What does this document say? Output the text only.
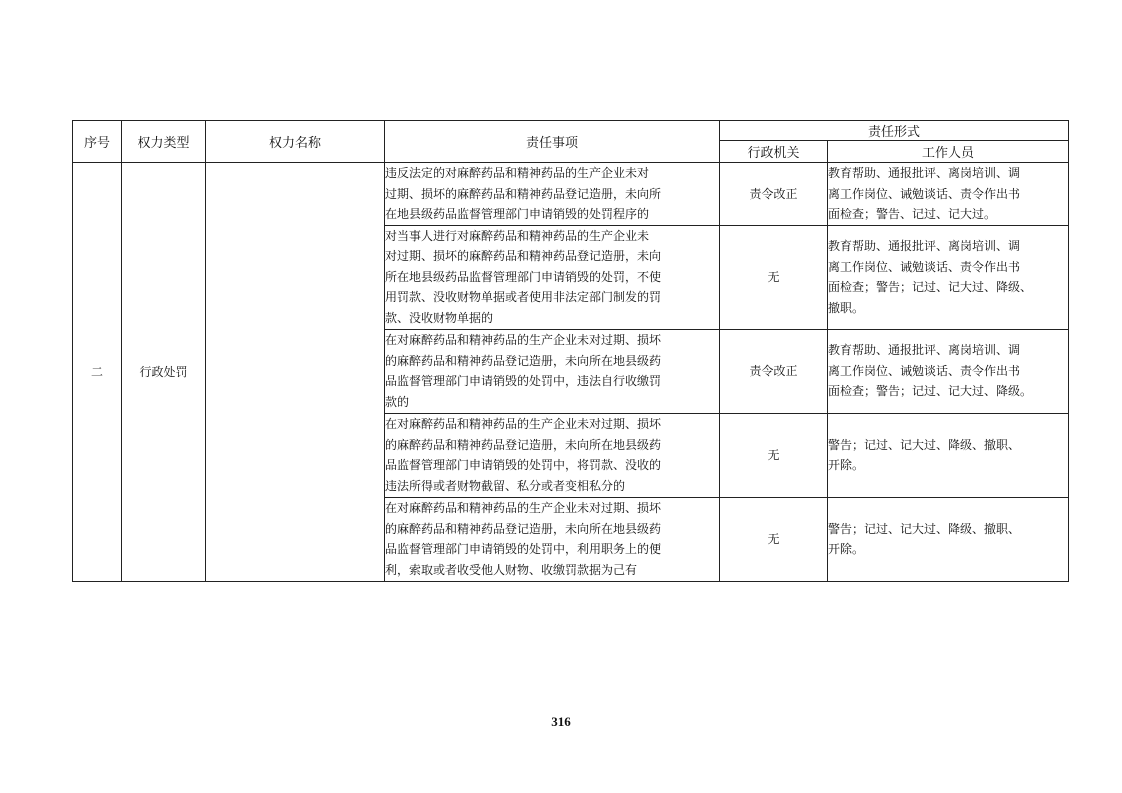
序号	权力类型	权力名称	责任事项	责任形式	
				行政机关	工作人员
二	行政处罚		违反法定的对麻醉药品和精神药品的生产企业未对
过期、损坏的麻醉药品和精神药品登记造册，未向所
在地县级药品监督管理部门申请销毁的处罚程序的	责令改正	教育帮助、通报批评、离岗培训、调
离工作岗位、诫勉谈话、责令作出书
面检查；警告、记过、记大过。

			对当事人进行对麻醉药品和精神药品的生产企业未
对过期、损坏的麻醉药品和精神药品登记造册，未向
所在地县级药品监督管理部门申请销毁的处罚，不使
用罚款、没收财物单据或者使用非法定部门制发的罚
款、没收财物单据的	无	教育帮助、通报批评、离岗培训、调
离工作岗位、诫勉谈话、责令作出书
面检查；警告；记过、记大过、降级、
撤职。

			在对麻醉药品和精神药品的生产企业未对过期、损坏
的麻醉药品和精神药品登记造册，未向所在地县级药
品监督管理部门申请销毁的处罚中，违法自行收缴罚
款的	责令改正	教育帮助、通报批评、离岗培训、调
离工作岗位、诫勉谈话、责令作出书
面检查；警告；记过、记大过、降级。

			在对麻醉药品和精神药品的生产企业未对过期、损坏
的麻醉药品和精神药品登记造册，未向所在地县级药
品监督管理部门申请销毁的处罚中，将罚款、没收的
违法所得或者财物截留、私分或者变相私分的	无	警告；记过、记大过、降级、撤职、
开除。

			在对麻醉药品和精神药品的生产企业未对过期、损坏
的麻醉药品和精神药品登记造册，未向所在地县级药
品监督管理部门申请销毁的处罚中，利用职务上的便
利，索取或者收受他人财物、收缴罚款据为己有	无	警告；记过、记大过、降级、撤职、
开除。
316
